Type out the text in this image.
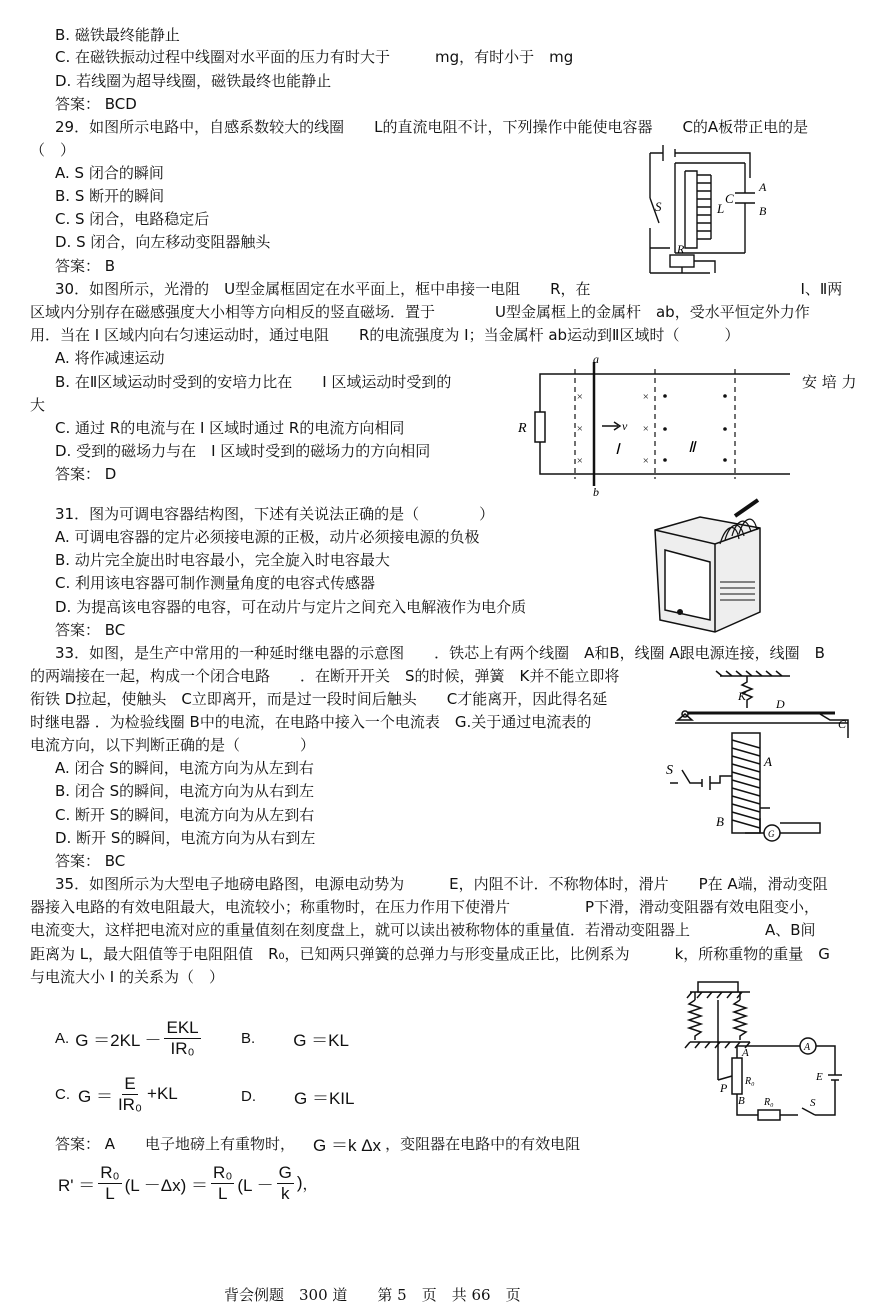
B. 磁铁最终能静止
C. 在磁铁振动过程中线圈对水平面的压力有时大于　　　mg，有时小于　mg
D. 若线圈为超导线圈，磁铁最终也能静止
答案： BCD
29．如图所示电路中，自感系数较大的线圈　　L的直流电阻不计，下列操作中能使电容器　　C的A板带正电的是
（　）
A. S 闭合的瞬间
B. S 断开的瞬间
C. S 闭合，电路稳定后
D. S 闭合，向左移动变阻器触头
答案： B
S	L
C
A
B
R
30．如图所示，光滑的　U型金属框固定在水平面上，框中串接一电阻　　R，在　　　　　　　　　　　　　　Ⅰ、Ⅱ两
区域内分别存在磁感强度大小相等方向相反的竖直磁场．置于　　　　U型金属框上的金属杆　ab，受水平恒定外力作
用．当在 Ⅰ 区域内向右匀速运动时，通过电阻　　R的电流强度为 I；当金属杆 ab运动到Ⅱ区域时（　　　）
A. 将作减速运动
B. 在Ⅱ区域运动时受到的安培力比在　　Ⅰ 区域运动时受到的	安 培 力
大
C. 通过 R的电流与在 Ⅰ 区域时通过 R的电流方向相同
D. 受到的磁场力与在　Ⅰ 区域时受到的磁场力的方向相同
答案： D
×
×
×
×
×
×
a
b
R	v
Ⅰ	Ⅱ
31．图为可调电容器结构图，下述有关说法正确的是（　　　　）
A. 可调电容器的定片必须接电源的正极，动片必须接电源的负极
B. 动片完全旋出时电容最小，完全旋入时电容最大
C. 利用该电容器可制作测量角度的电容式传感器
D. 为提高该电容器的电容，可在动片与定片之间充入电解液作为电介质
答案： BC
33．如图，是生产中常用的一种延时继电器的示意图　　．铁芯上有两个线圈　A和B，线圈 A跟电源连接，线圈　B
的两端接在一起，构成一个闭合电路　　．在断开开关　S的时候，弹簧　K并不能立即将
衔铁 D拉起，使触头　C立即离开，而是过一段时间后触头　　C才能离开，因此得名延
时继电器 ．为检验线圈 B中的电流，在电路中接入一个电流表　G.关于通过电流表的
电流方向，以下判断正确的是（　　　　）
A. 闭合 S的瞬间，电流方向为从左到右
B. 闭合 S的瞬间，电流方向为从右到左
C. 断开 S的瞬间，电流方向为从左到右
D. 断开 S的瞬间，电流方向为从右到左
答案： BC
K
D
C
S
A
B
G
35．如图所示为大型电子地磅电路图，电源电动势为　　　E，内阻不计．不称物体时，滑片　　P在 A端，滑动变阻
器接入电路的有效电阻最大，电流较小；称重物时，在压力作用下使滑片　　　　　P下滑，滑动变阻器有效电阻变小，
电流变大，这样把电流对应的重量值刻在刻度盘上，就可以读出被称物体的重量值．若滑动变阻器上　　　　　A、B间
距离为 L，最大阻值等于电阻阻值　R₀，已知两只弹簧的总弹力与形变量成正比，比例系为　　　k，所称重物的重量　G
与电流大小 I 的关系为（　）
A. $G =2KL - \frac{\text{EKL}}{\text{IR₀}}$	B. G ＝KL
C. $G = \frac{E}{\text{IR₀}} +KL$	D. G ＝KIL
答案： A　　电子地磅上有重物时， G ＝k Δx ，变阻器在电路中的有效电阻
$R' = \frac{\text{R₀}}{L} (L -\Delta x) = \frac{\text{R₀}}{L} (L - \frac{G}{k}$ ) ，
A
P R₀
B R₀
E
S
A
背会例题　300 道　　第 5　页　共 66　页
